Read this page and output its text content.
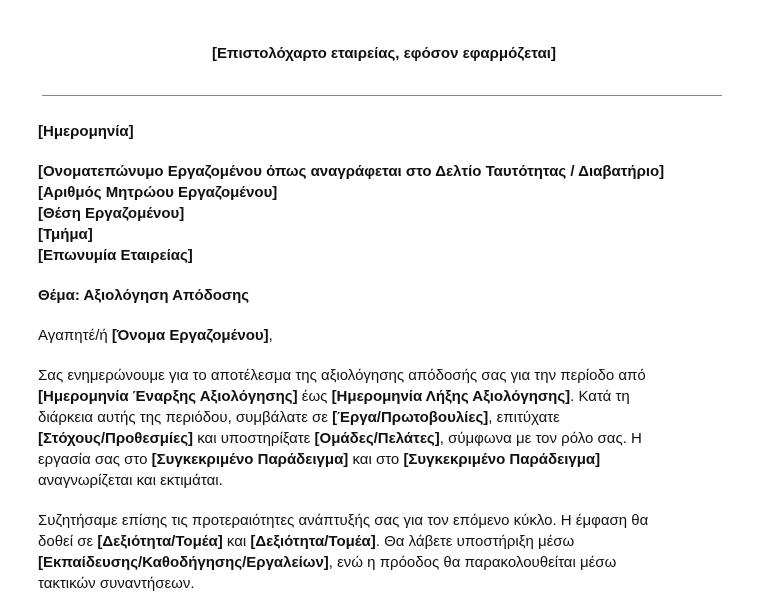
[Επιστολόχαρτο εταιρείας, εφόσον εφαρμόζεται]
[Ημερομηνία]
[Ονοματεπώνυμο Εργαζομένου όπως αναγράφεται στο Δελτίο Ταυτότητας / Διαβατήριο]
[Αριθμός Μητρώου Εργαζομένου]
[Θέση Εργαζομένου]
[Τμήμα]
[Επωνυμία Εταιρείας]
Θέμα: Αξιολόγηση Απόδοσης
Αγαπητέ/ή [Όνομα Εργαζομένου],
Σας ενημερώνουμε για το αποτέλεσμα της αξιολόγησης απόδοσής σας για την περίοδο από
[Ημερομηνία Έναρξης Αξιολόγησης] έως [Ημερομηνία Λήξης Αξιολόγησης]. Κατά τη
διάρκεια αυτής της περιόδου, συμβάλατε σε [Έργα/Πρωτοβουλίες], επιτύχατε
[Στόχους/Προθεσμίες] και υποστηρίξατε [Ομάδες/Πελάτες], σύμφωνα με τον ρόλο σας. Η
εργασία σας στο [Συγκεκριμένο Παράδειγμα] και στο [Συγκεκριμένο Παράδειγμα]
αναγνωρίζεται και εκτιμάται.
Συζητήσαμε επίσης τις προτεραιότητες ανάπτυξής σας για τον επόμενο κύκλο. Η έμφαση θα
δοθεί σε [Δεξιότητα/Τομέα] και [Δεξιότητα/Τομέα]. Θα λάβετε υποστήριξη μέσω
[Εκπαίδευσης/Καθοδήγησης/Εργαλείων], ενώ η πρόοδος θα παρακολουθείται μέσω
τακτικών συναντήσεων.
